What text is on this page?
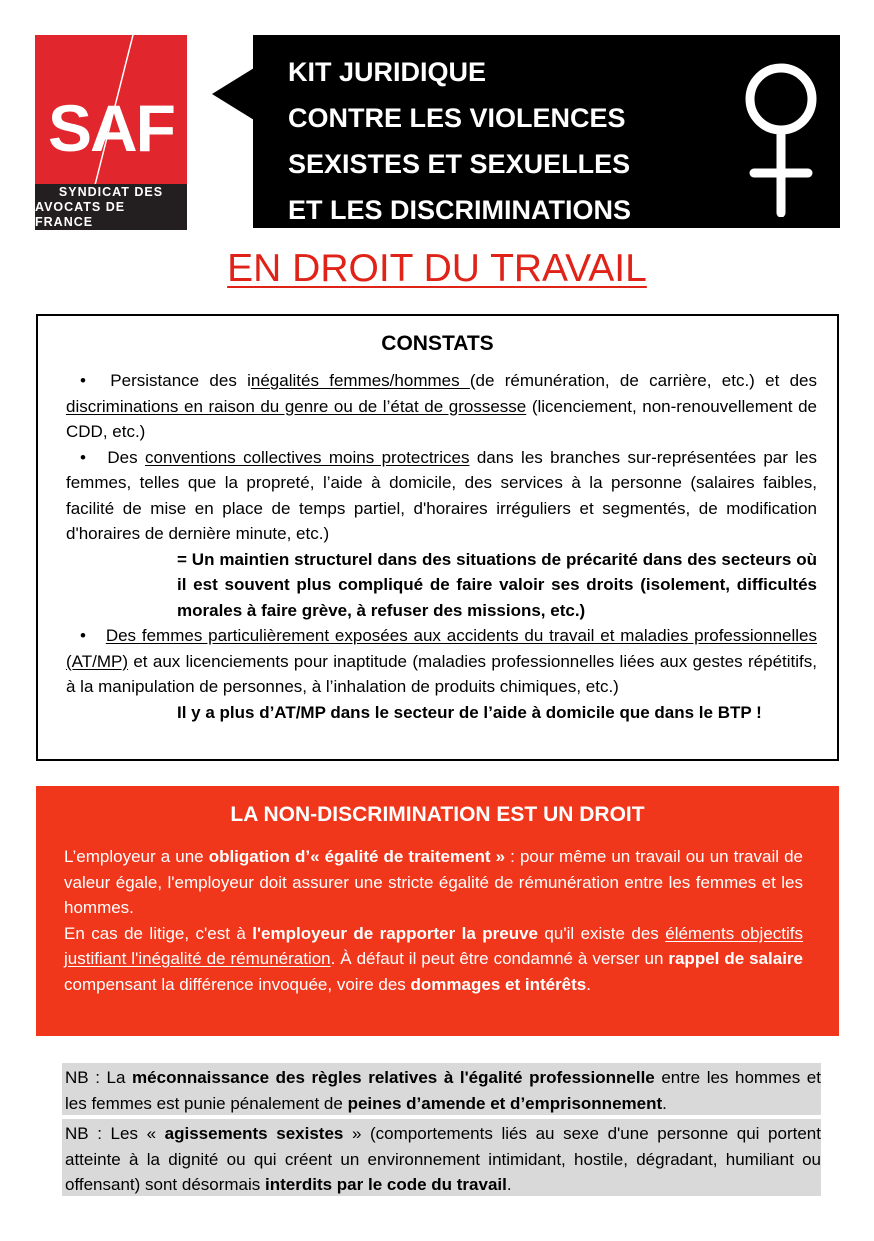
SAF
SYNDICAT DES
AVOCATS DE FRANCE
KIT JURIDIQUE
CONTRE LES VIOLENCES
SEXISTES ET SEXUELLES
ET LES DISCRIMINATIONS
EN DROIT DU TRAVAIL
CONSTATS

• Persistance des inégalités femmes/hommes (de rémunération, de carrière, etc.) et des discriminations en raison du genre ou de l’état de grossesse (licenciement, non-renouvellement de CDD, etc.)

• Des conventions collectives moins protectrices dans les branches sur-représentées par les femmes, telles que la propreté, l’aide à domicile, des services à la personne (salaires faibles, facilité de mise en place de temps partiel, d'horaires irréguliers et segmentés, de modification d'horaires de dernière minute, etc.)

= Un maintien structurel dans des situations de précarité dans des secteurs où il est souvent plus compliqué de faire valoir ses droits (isolement, difficultés morales à faire grève, à refuser des missions, etc.)

• Des femmes particulièrement exposées aux accidents du travail et maladies professionnelles (AT/MP) et aux licenciements pour inaptitude (maladies professionnelles liées aux gestes répétitifs, à la manipulation de personnes, à l’inhalation de produits chimiques, etc.)

Il y a plus d’AT/MP dans le secteur de l’aide à domicile que dans le BTP !

LA NON-DISCRIMINATION EST UN DROIT

L’employeur a une obligation d’« égalité de traitement » : pour même un travail ou un travail de valeur égale, l'employeur doit assurer une stricte égalité de rémunération entre les femmes et les hommes.

En cas de litige, c'est à l'employeur de rapporter la preuve qu'il existe des éléments objectifs justifiant l'inégalité de rémunération. À défaut il peut être condamné à verser un rappel de salaire compensant la différence invoquée, voire des dommages et intérêts.

NB : La méconnaissance des règles relatives à l'égalité professionnelle entre les hommes et les femmes est punie pénalement de peines d’amende et d’emprisonnement.

NB : Les « agissements sexistes » (comportements liés au sexe d'une personne qui portent atteinte à la dignité ou qui créent un environnement intimidant, hostile, dégradant, humiliant ou offensant) sont désormais interdits par le code du travail.
